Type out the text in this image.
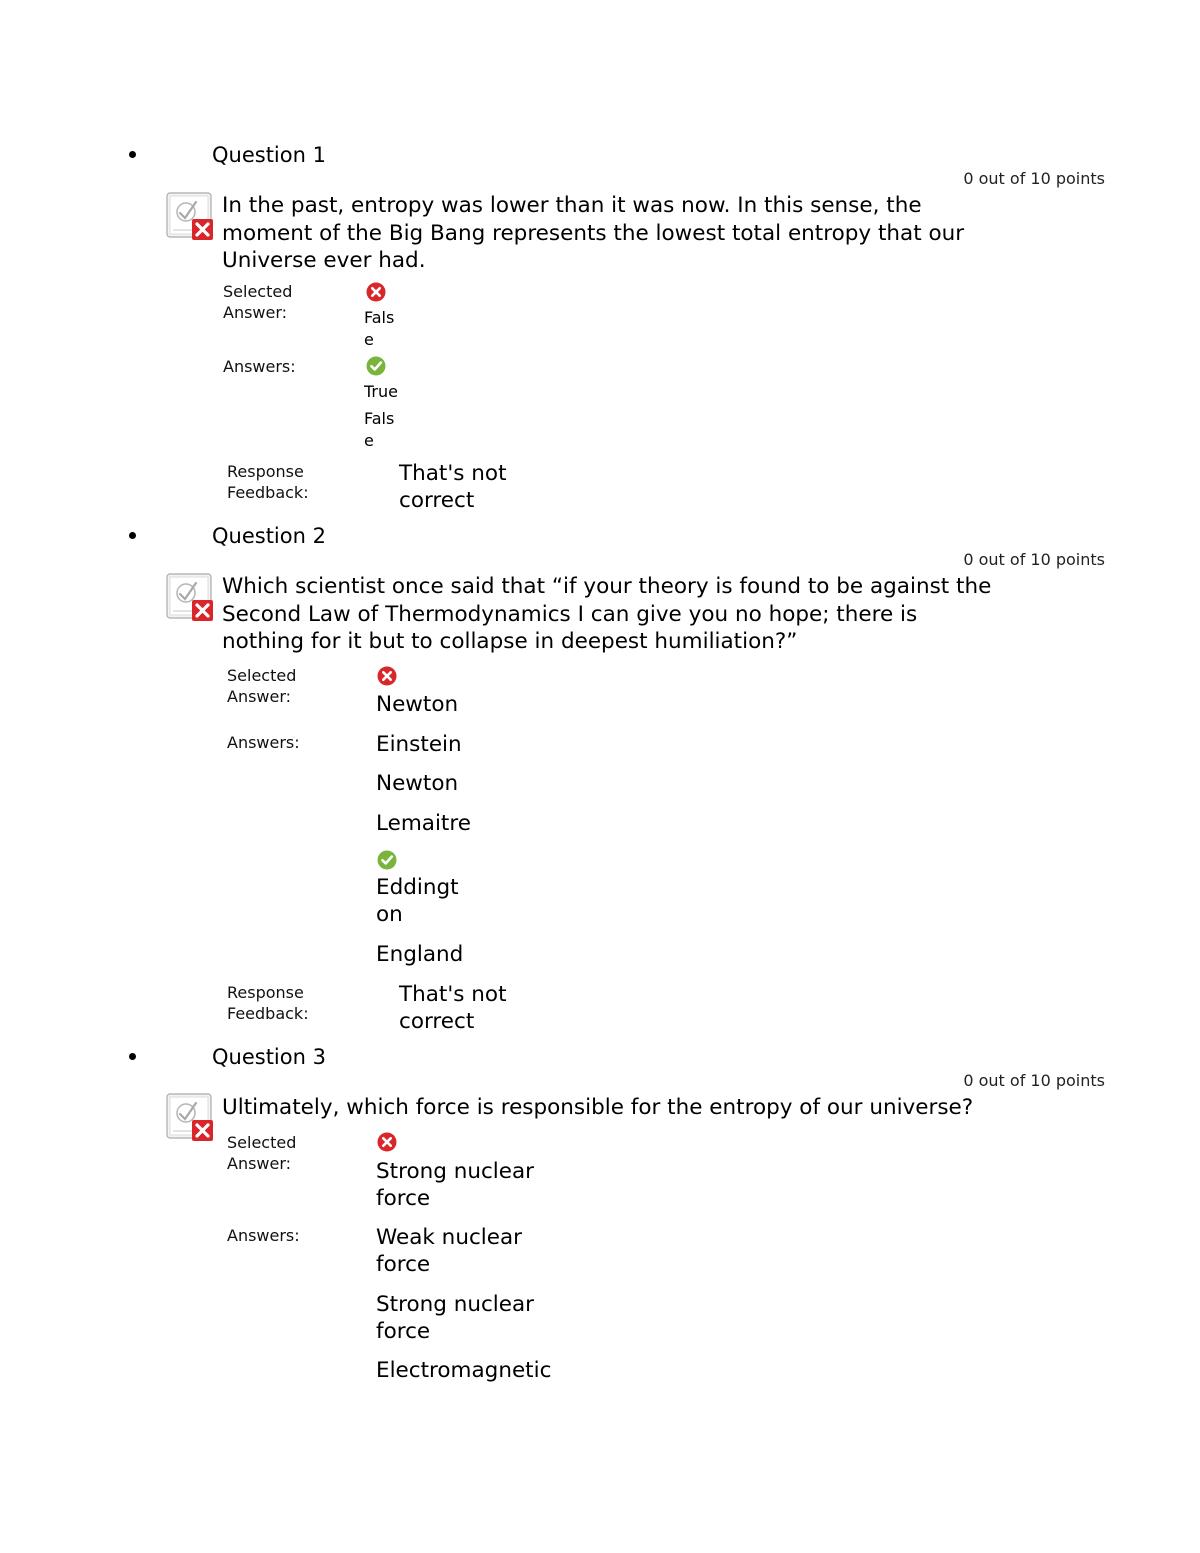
Question 1
0 out of 10 points
In the past, entropy was lower than it was now. In this sense, the
moment of the Big Bang represents the lowest total entropy that our
Universe ever had.
Selected
Answer:	Fals
e
Answers:
True
Fals
e
Response
Feedback:
That's not
correct
Question 2
0 out of 10 points
Which scientist once said that “if your theory is found to be against the
Second Law of Thermodynamics I can give you no hope; there is
nothing for it but to collapse in deepest humiliation?”
Selected
Answer:	Newton
Answers:	Einstein
Newton
Lemaitre
Eddingt
on
England
Response
Feedback:
That's not
correct
Question 3
0 out of 10 points
Ultimately, which force is responsible for the entropy of our universe?
Selected
Answer:	Strong nuclear
force
Answers:	Weak nuclear
force
Strong nuclear
force
Electromagnetic
